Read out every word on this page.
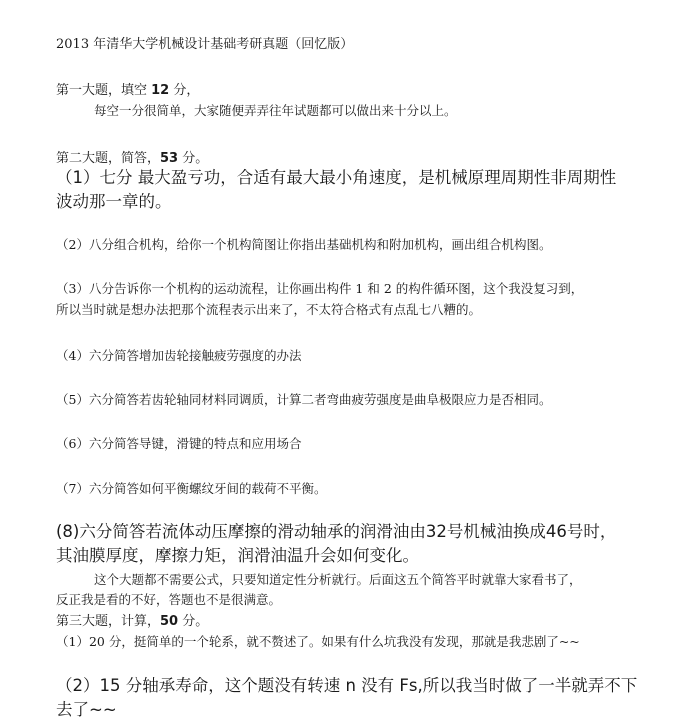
2013 年清华大学机械设计基础考研真题（回忆版）
第一大题，填空 12 分，
每空一分很简单，大家随便弄弄往年试题都可以做出来十分以上。
第二大题，简答，53 分。
（1）七分 最大盈亏功，合适有最大最小角速度，是机械原理周期性非周期性
波动那一章的。
（2）八分组合机构，给你一个机构简图让你指出基础机构和附加机构，画出组合机构图。
（3）八分告诉你一个机构的运动流程，让你画出构件 1 和 2 的构件循环图，这个我没复习到，
所以当时就是想办法把那个流程表示出来了，不太符合格式有点乱七八糟的。
（4）六分简答增加齿轮接触疲劳强度的办法
（5）六分简答若齿轮轴同材料同调质，计算二者弯曲疲劳强度是曲阜极限应力是否相同。
（6）六分简答导键，滑键的特点和应用场合
（7）六分简答如何平衡螺纹牙间的载荷不平衡。
(8)六分简答若流体动压摩擦的滑动轴承的润滑油由32号机械油换成46号时，
其油膜厚度，摩擦力矩，润滑油温升会如何变化。
这个大题都不需要公式，只要知道定性分析就行。后面这五个简答平时就靠大家看书了，
反正我是看的不好，答题也不是很满意。
第三大题，计算，50 分。
（1）20 分，挺简单的一个轮系，就不赘述了。如果有什么坑我没有发现，那就是我悲剧了~~
（2）15 分轴承寿命，这个题没有转速 n 没有 Fs,所以我当时做了一半就弄不下
去了~~
